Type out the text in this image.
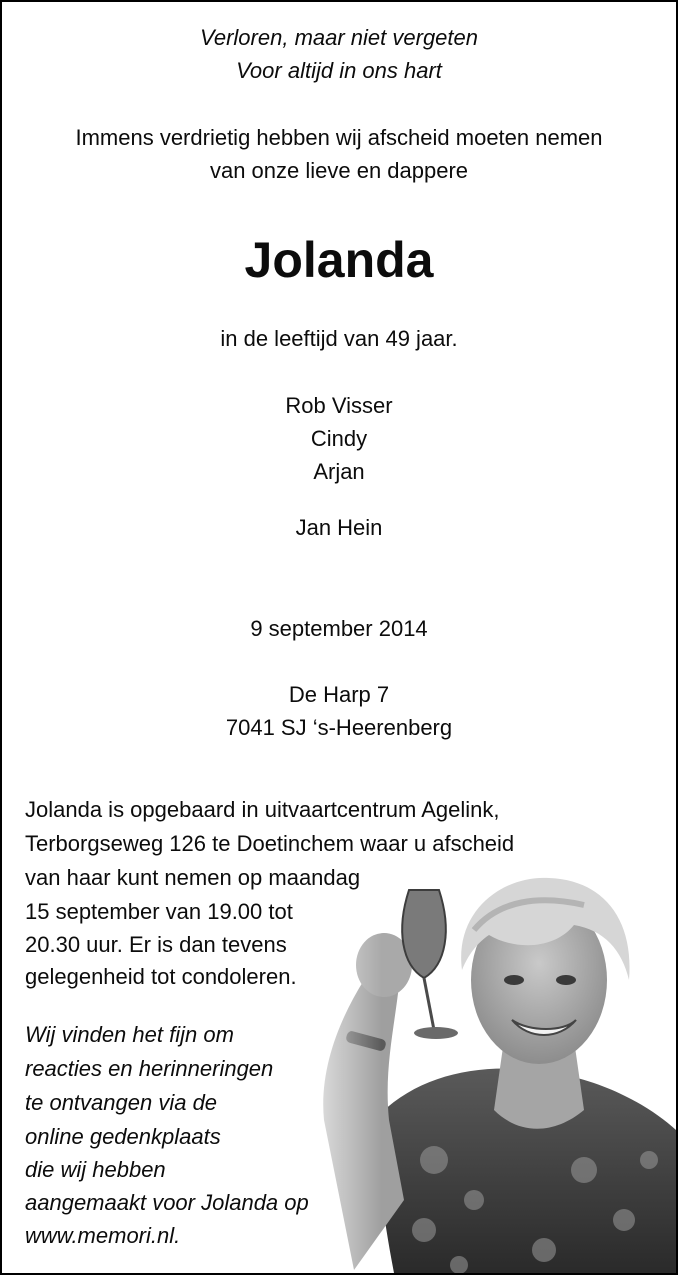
Verloren, maar niet vergeten
Voor altijd in ons hart
Immens verdrietig hebben wij afscheid moeten nemen
van onze lieve en dappere
Jolanda
in de leeftijd van 49 jaar.
Rob Visser
Cindy
Arjan
Jan Hein
9 september 2014
De Harp 7
7041 SJ ‘s-Heerenberg
Jolanda is opgebaard in uitvaartcentrum Agelink,
Terborgseweg 126 te Doetinchem waar u afscheid
van haar kunt nemen op maandag
15 september van 19.00 tot
20.30 uur. Er is dan tevens
gelegenheid tot condoleren.
Wij vinden het fijn om
reacties en herinneringen
te ontvangen via de
online gedenkplaats
die wij hebben
aangemaakt voor Jolanda op
www.memori.nl.
